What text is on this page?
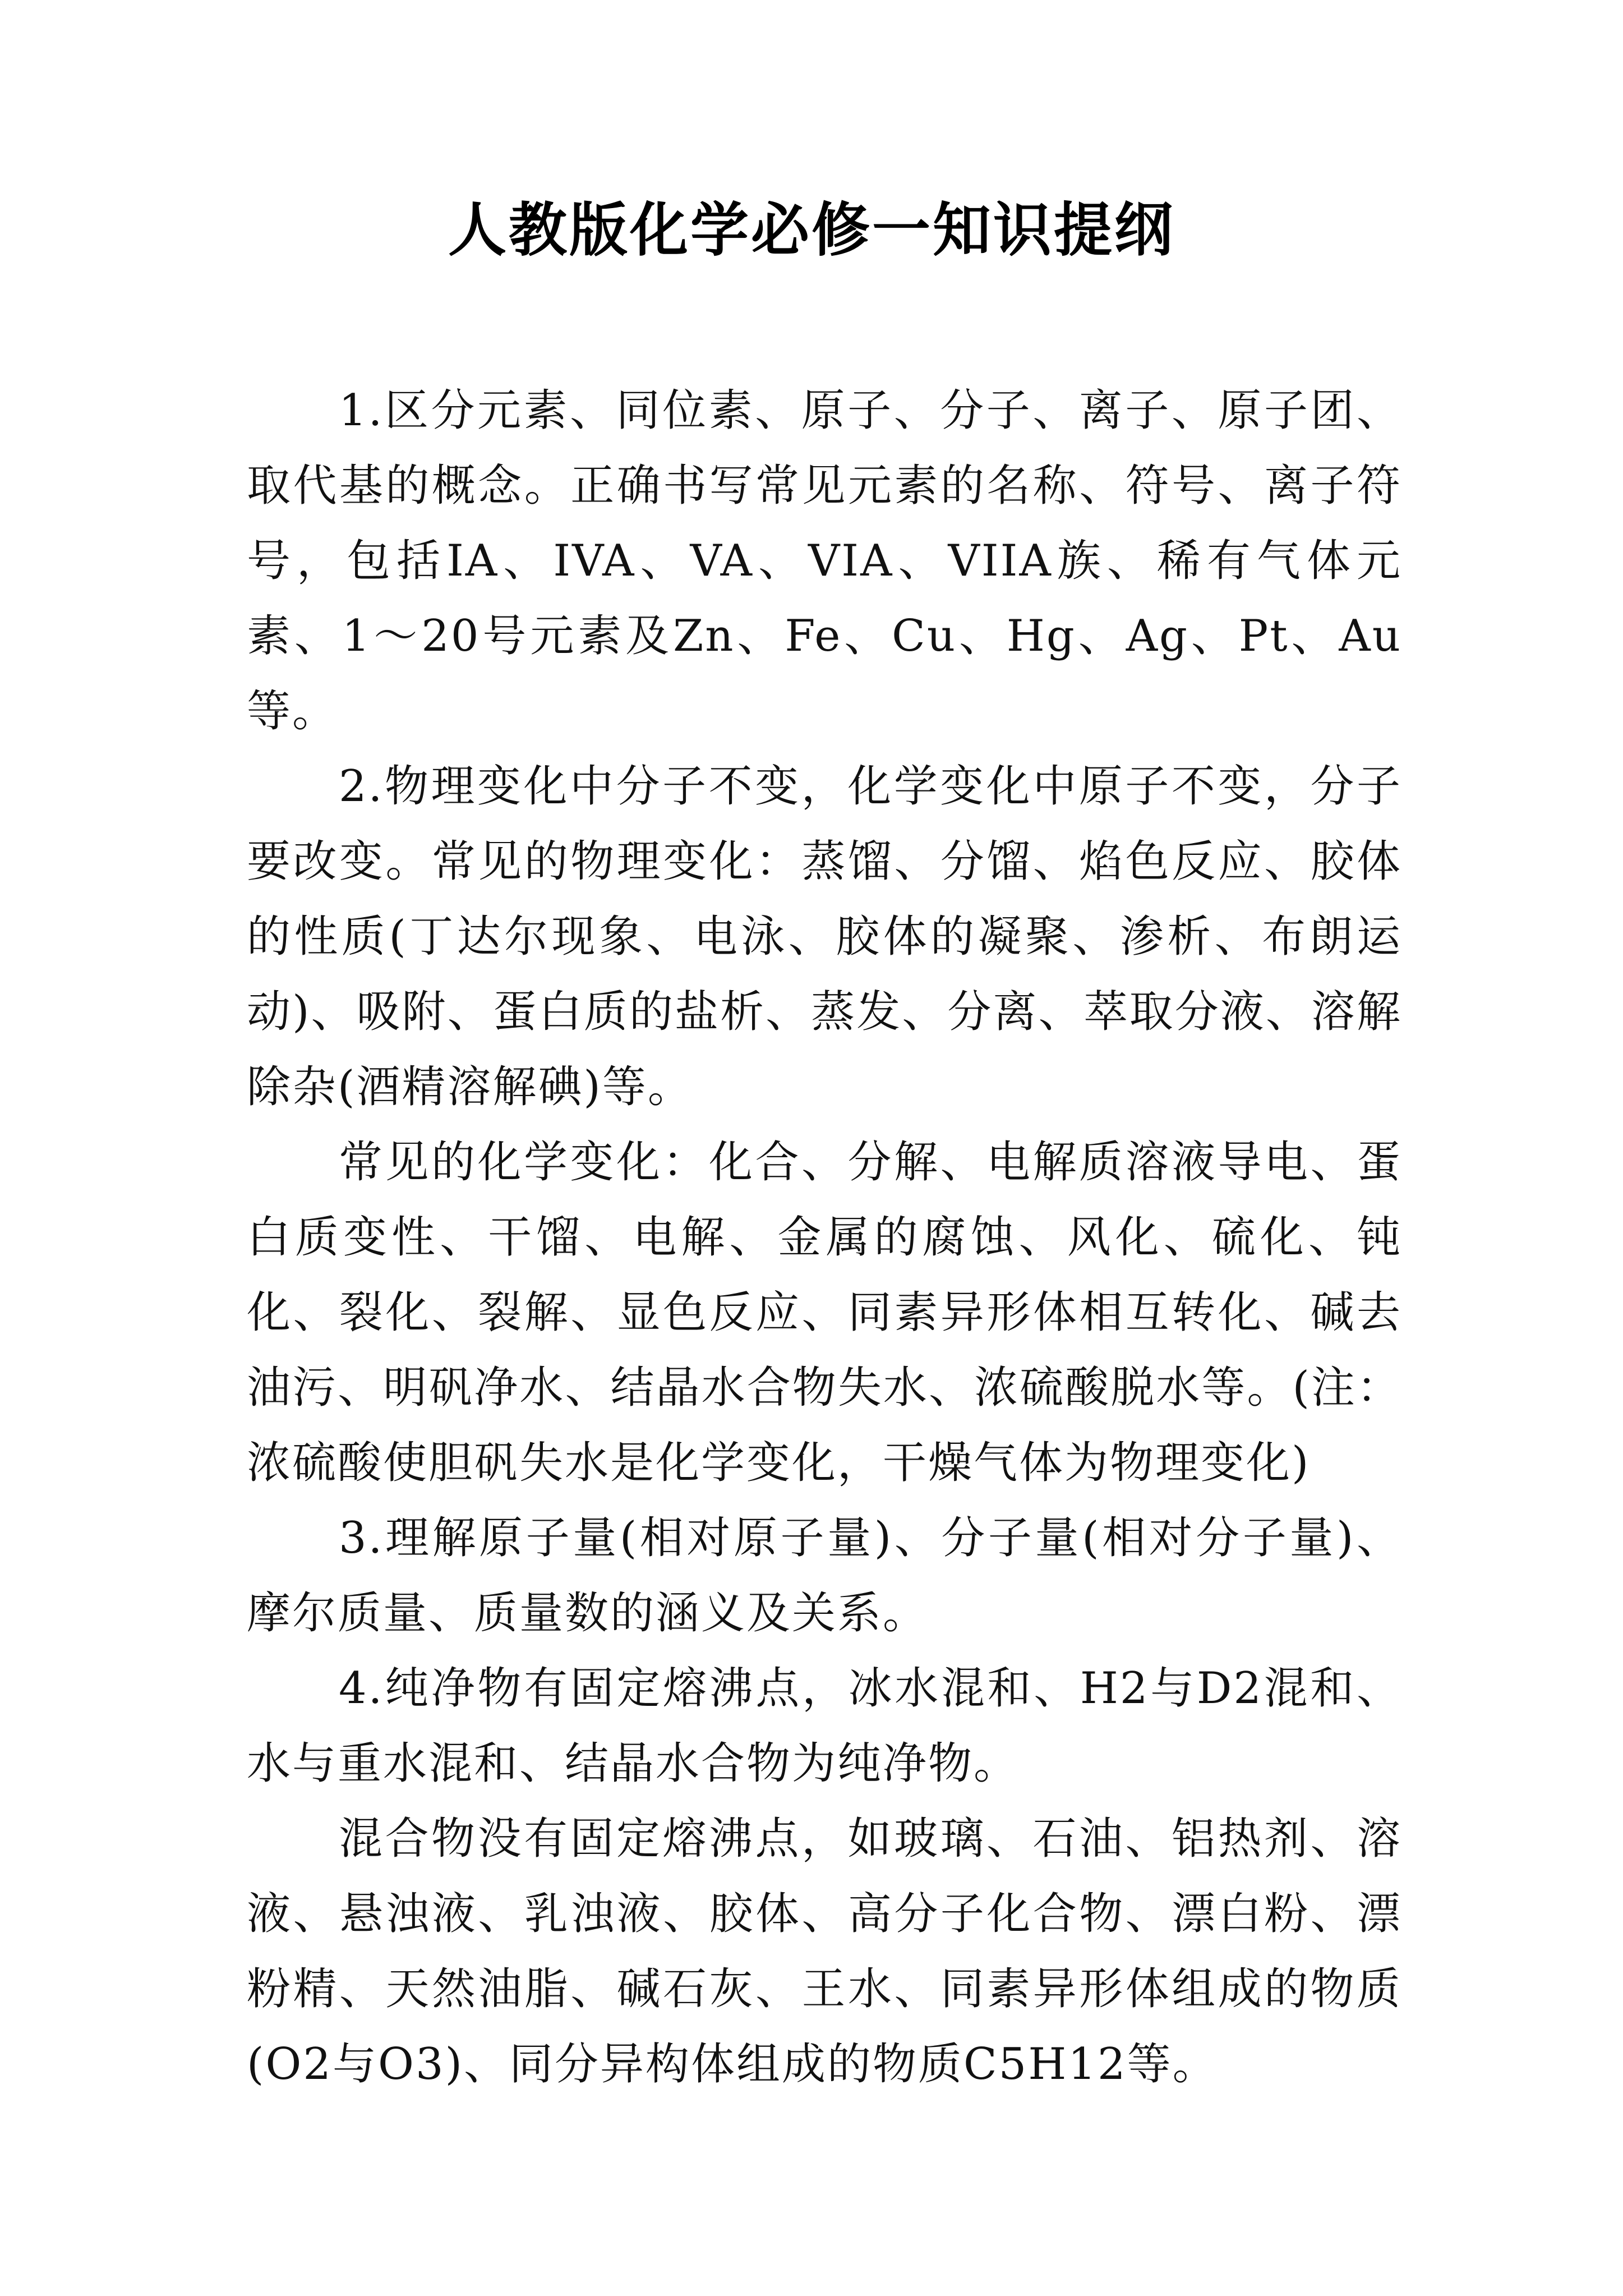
人教版化学必修一知识提纲

1.区分元素、同位素、原子、分子、离子、原子团、取代基的概念。正确书写常见元素的名称、符号、离子符号，包括IA、IVA、VA、VIA、VIIA族、稀有气体元素、1～20号元素及Zn、Fe、Cu、Hg、Ag、Pt、Au等。

2.物理变化中分子不变，化学变化中原子不变，分子要改变。常见的物理变化：蒸馏、分馏、焰色反应、胶体的性质(丁达尔现象、电泳、胶体的凝聚、渗析、布朗运动)、吸附、蛋白质的盐析、蒸发、分离、萃取分液、溶解除杂(酒精溶解碘)等。

常见的化学变化：化合、分解、电解质溶液导电、蛋白质变性、干馏、电解、金属的腐蚀、风化、硫化、钝化、裂化、裂解、显色反应、同素异形体相互转化、碱去油污、明矾净水、结晶水合物失水、浓硫酸脱水等。(注：浓硫酸使胆矾失水是化学变化，干燥气体为物理变化)

3.理解原子量(相对原子量)、分子量(相对分子量)、摩尔质量、质量数的涵义及关系。

4.纯净物有固定熔沸点，冰水混和、H2与D2混和、水与重水混和、结晶水合物为纯净物。

混合物没有固定熔沸点，如玻璃、石油、铝热剂、溶液、悬浊液、乳浊液、胶体、高分子化合物、漂白粉、漂粉精、天然油脂、碱石灰、王水、同素异形体组成的物质(O2与O3)、同分异构体组成的物质C5H12等。
